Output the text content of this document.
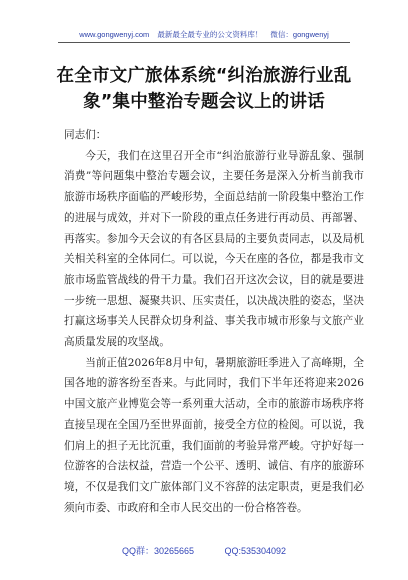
www.gongwenyj.com 最新最全最专业的公文资料库！ 微信：gongwenyj
在全市文广旅体系统“纠治旅游行业乱
象”集中整治专题会议上的讲话

同志们：

今天，我们在这里召开全市“纠治旅游行业导游乱象、强制消费”等问题集中整治专题会议，主要任务是深入分析当前我市旅游市场秩序面临的严峻形势，全面总结前一阶段集中整治工作的进展与成效，并对下一阶段的重点任务进行再动员、再部署、再落实。参加今天会议的有各区县局的主要负责同志，以及局机关相关科室的全体同仁。可以说，今天在座的各位，都是我市文旅市场监管战线的骨干力量。我们召开这次会议，目的就是要进一步统一思想、凝聚共识、压实责任，以决战决胜的姿态，坚决打赢这场事关人民群众切身利益、事关我市城市形象与文旅产业高质量发展的攻坚战。

当前正值2026年8月中旬，暑期旅游旺季进入了高峰期，全国各地的游客纷至沓来。与此同时，我们下半年还将迎来2026中国文旅产业博览会等一系列重大活动，全市的旅游市场秩序将直接呈现在全国乃至世界面前，接受全方位的检阅。可以说，我们肩上的担子无比沉重，我们面前的考验异常严峻。守护好每一位游客的合法权益，营造一个公平、透明、诚信、有序的旅游环境，不仅是我们文广旅体部门义不容辞的法定职责，更是我们必须向市委、市政府和全市人民交出的一份合格答卷。

QQ群：30265665	QQ:535304092
